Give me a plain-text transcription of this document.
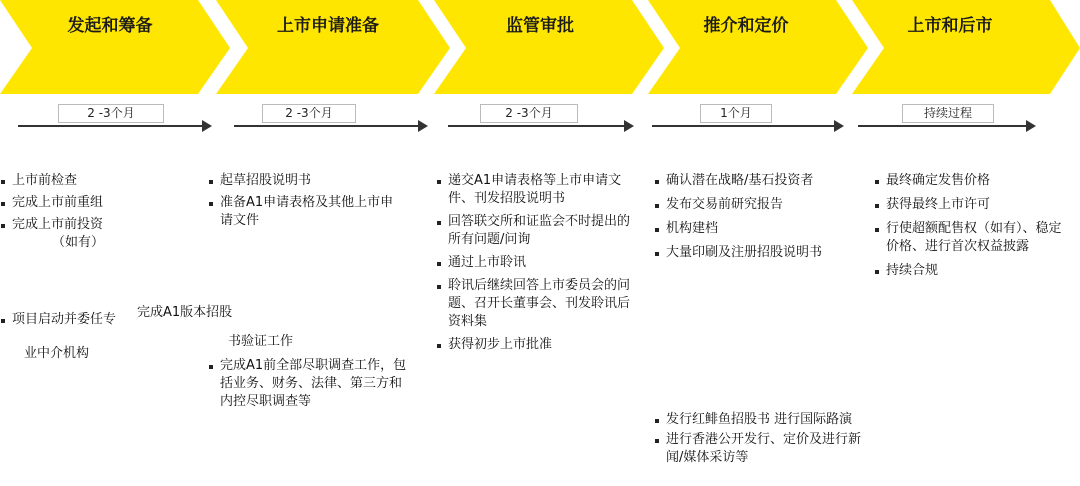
发起和筹备	上市申请准备	监管审批	推介和定价	上市和后市
2 -3个月	2 -3个月	2 -3个月	1个月	持续过程
上市前检查
完成上市前重组
完成上市前投资
（如有）
项目启动并委任专
业中介机构
起草招股说明书
准备A1申请表格及其他上市申请文件
完成A1版本招股
书验证工作
完成A1前全部尽职调查工作，包括业务、财务、法律、第三方和内控尽职调查等
递交A1申请表格等上市申请文件、刊发招股说明书
回答联交所和证监会不时提出的所有问题/问询
通过上市聆讯
聆讯后继续回答上市委员会的问题、召开长董事会、刊发聆讯后资料集
获得初步上市批准
确认潜在战略/基石投资者
发布交易前研究报告
机构建档
大量印刷及注册招股说明书
发行红鲱鱼招股书 进行国际路演
进行香港公开发行、定价及进行新闻/媒体采访等
最终确定发售价格
获得最终上市许可
行使超额配售权（如有）、稳定价格、进行首次权益披露
持续合规
